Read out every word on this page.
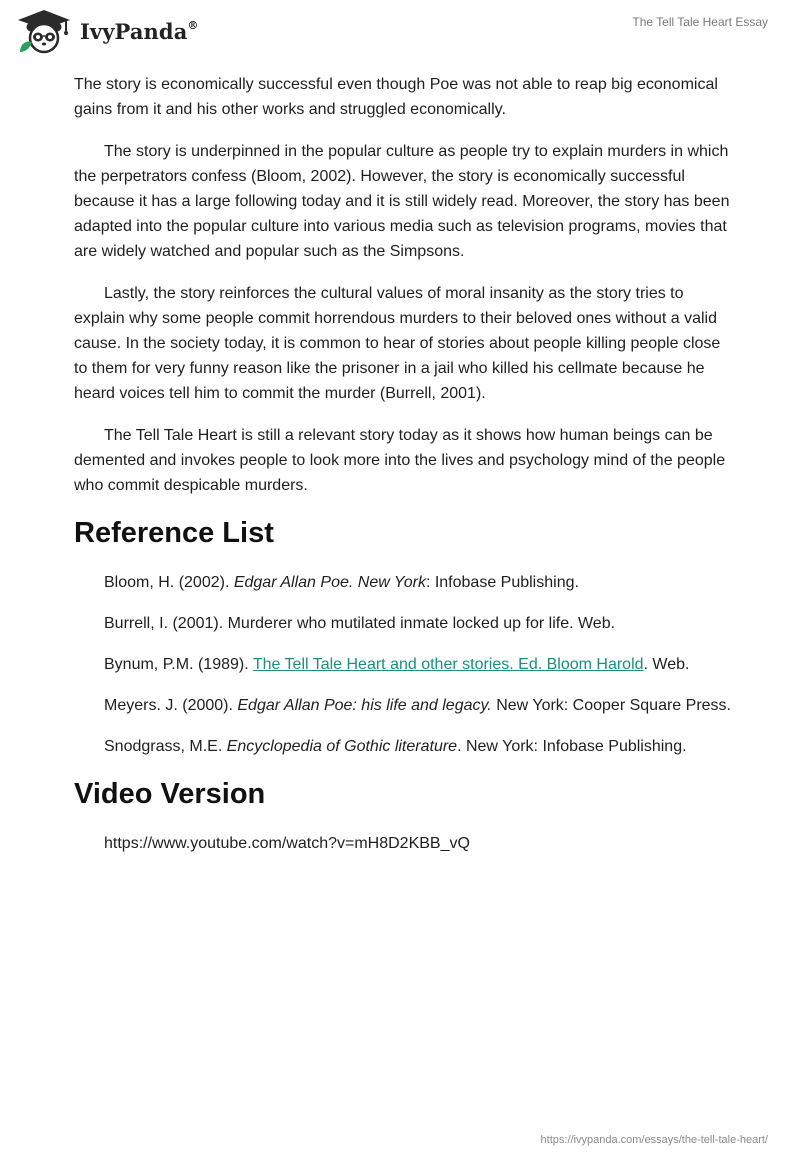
IvyPanda®	The Tell Tale Heart Essay

The story is economically successful even though Poe was not able to reap big economical gains from it and his other works and struggled economically.

The story is underpinned in the popular culture as people try to explain murders in which the perpetrators confess (Bloom, 2002). However, the story is economically successful because it has a large following today and it is still widely read. Moreover, the story has been adapted into the popular culture into various media such as television programs, movies that are widely watched and popular such as the Simpsons.

Lastly, the story reinforces the cultural values of moral insanity as the story tries to explain why some people commit horrendous murders to their beloved ones without a valid cause. In the society today, it is common to hear of stories about people killing people close to them for very funny reason like the prisoner in a jail who killed his cellmate because he heard voices tell him to commit the murder (Burrell, 2001).

The Tell Tale Heart is still a relevant story today as it shows how human beings can be demented and invokes people to look more into the lives and psychology mind of the people who commit despicable murders.

Reference List

Bloom, H. (2002). Edgar Allan Poe. New York: Infobase Publishing.

Burrell, I. (2001). Murderer who mutilated inmate locked up for life. Web.

Bynum, P.M. (1989). The Tell Tale Heart and other stories. Ed. Bloom Harold. Web.

Meyers. J. (2000). Edgar Allan Poe: his life and legacy. New York: Cooper Square Press.

Snodgrass, M.E. Encyclopedia of Gothic literature. New York: Infobase Publishing.

Video Version

https://www.youtube.com/watch?v=mH8D2KBB_vQ

https://ivypanda.com/essays/the-tell-tale-heart/
